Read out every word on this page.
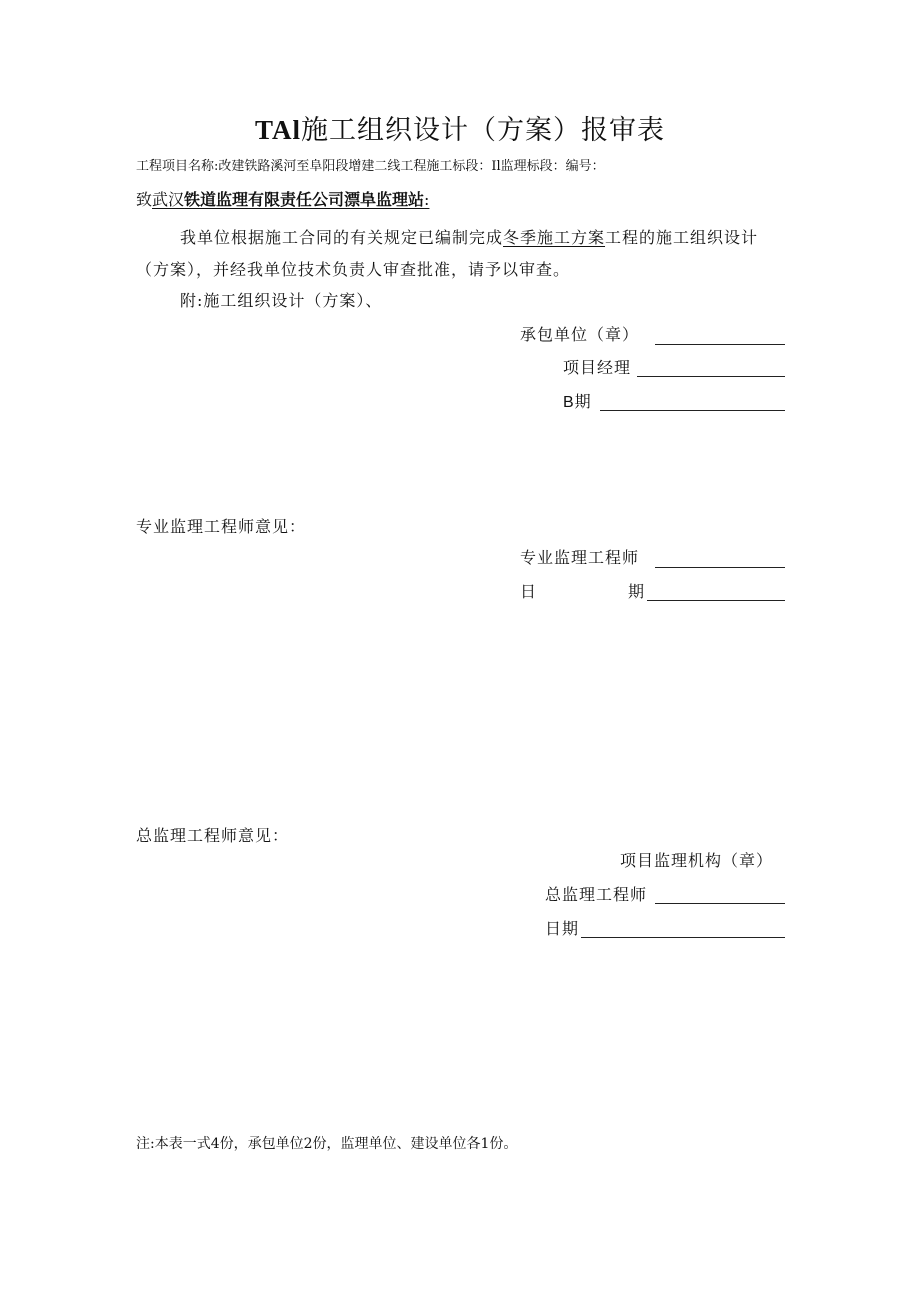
TAl施工组织设计（方案）报审表
工程项目名称:改建铁路溪河至阜阳段增建二线工程施工标段：Il监理标段：编号：
致武汉铁道监理有限责任公司漂阜监理站:
我单位根据施工合同的有关规定已编制完成冬季施工方案工程的施工组织设计（方案），并经我单位技术负责人审查批准，请予以审查。
附:施工组织设计（方案）、
承包单位（章）
项目经理
B期
专业监理工程师意见：
专业监理工程师
日	期
总监理工程师意见：
项目监理机构（章）
总监理工程师
日期
注:本表一式4份，承包单位2份，监理单位、建设单位各1份。
